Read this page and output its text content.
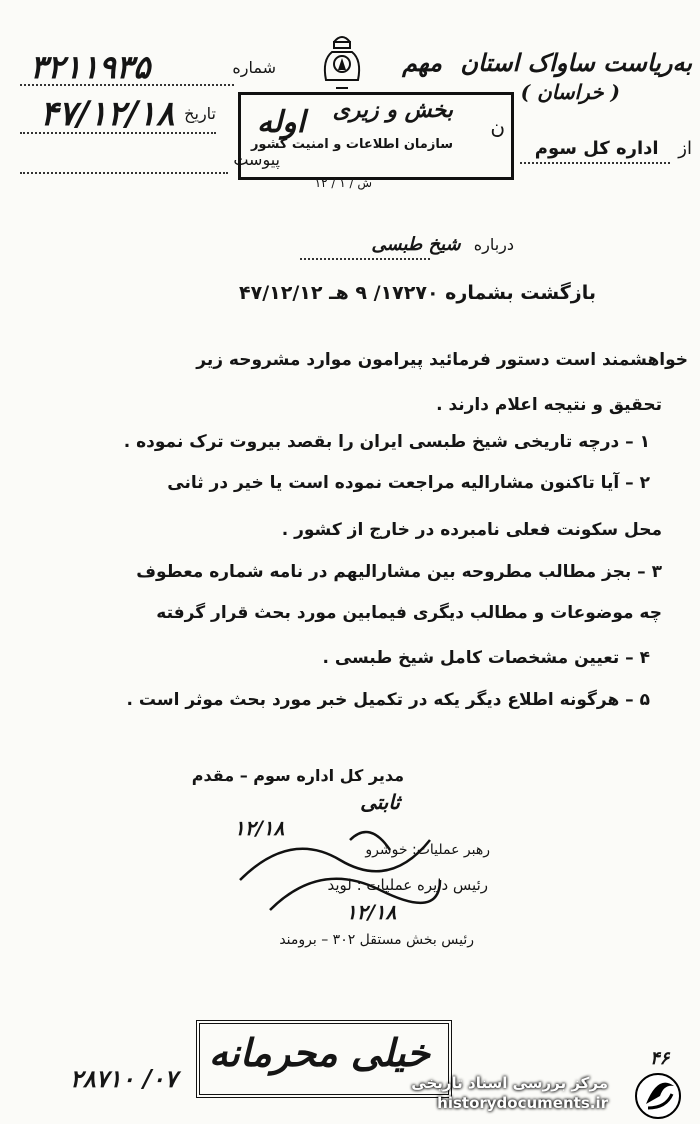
به‌ریاست ساواک استان مهم
( خراسان )
از اداره کل سوم
شماره
۳۲۱۱۹۳۵
تاریخ
۴۷/۱۲/۱۸
پیوست
بخش و زیری
سازمان اطلاعات و امنیت کشور
اوله	ن
ش / ۱ / ۱۲
درباره شیخ طبسی
بازگشت بشماره ۱۷۲۷۰/ ۹ هـ ۴۷/۱۲/۱۲
خواهشمند است دستور فرمائید پیرامون موارد مشروحه زیر
تحقیق و نتیجه اعلام دارند .
۱ – درچه تاریخی شیخ طبسی ایران را بقصد بیروت ترک نموده .
۲ – آیا تاکنون مشارالیه مراجعت نموده است یا خیر در ثانی
محل سکونت فعلی نامبرده در خارج از کشور .
۳ – بجز مطالب مطروحه بین مشارالیهم در نامه شماره معطوف
چه موضوعات و مطالب دیگری فیمابین مورد بحث قرار گرفته
۴ – تعیین مشخصات کامل شیخ طبسی .
۵ – هرگونه اطلاع دیگر یکه در تکمیل خبر مورد بحث موثر است .
مدیر کل اداره سوم – مقدم
ثابتی
۱۲/۱۸
رهبر عملیات: خوشرو
رئیس دایره عملیات : لوید
۱۲/۱۸
رئیس بخش مستقل ۳۰۲ – برومند
خیلی محرمانه
۰۷/ ۲۸۷۱۰
۴۶
مرکز بررسی اسناد تاریخی
historydocuments.ir
